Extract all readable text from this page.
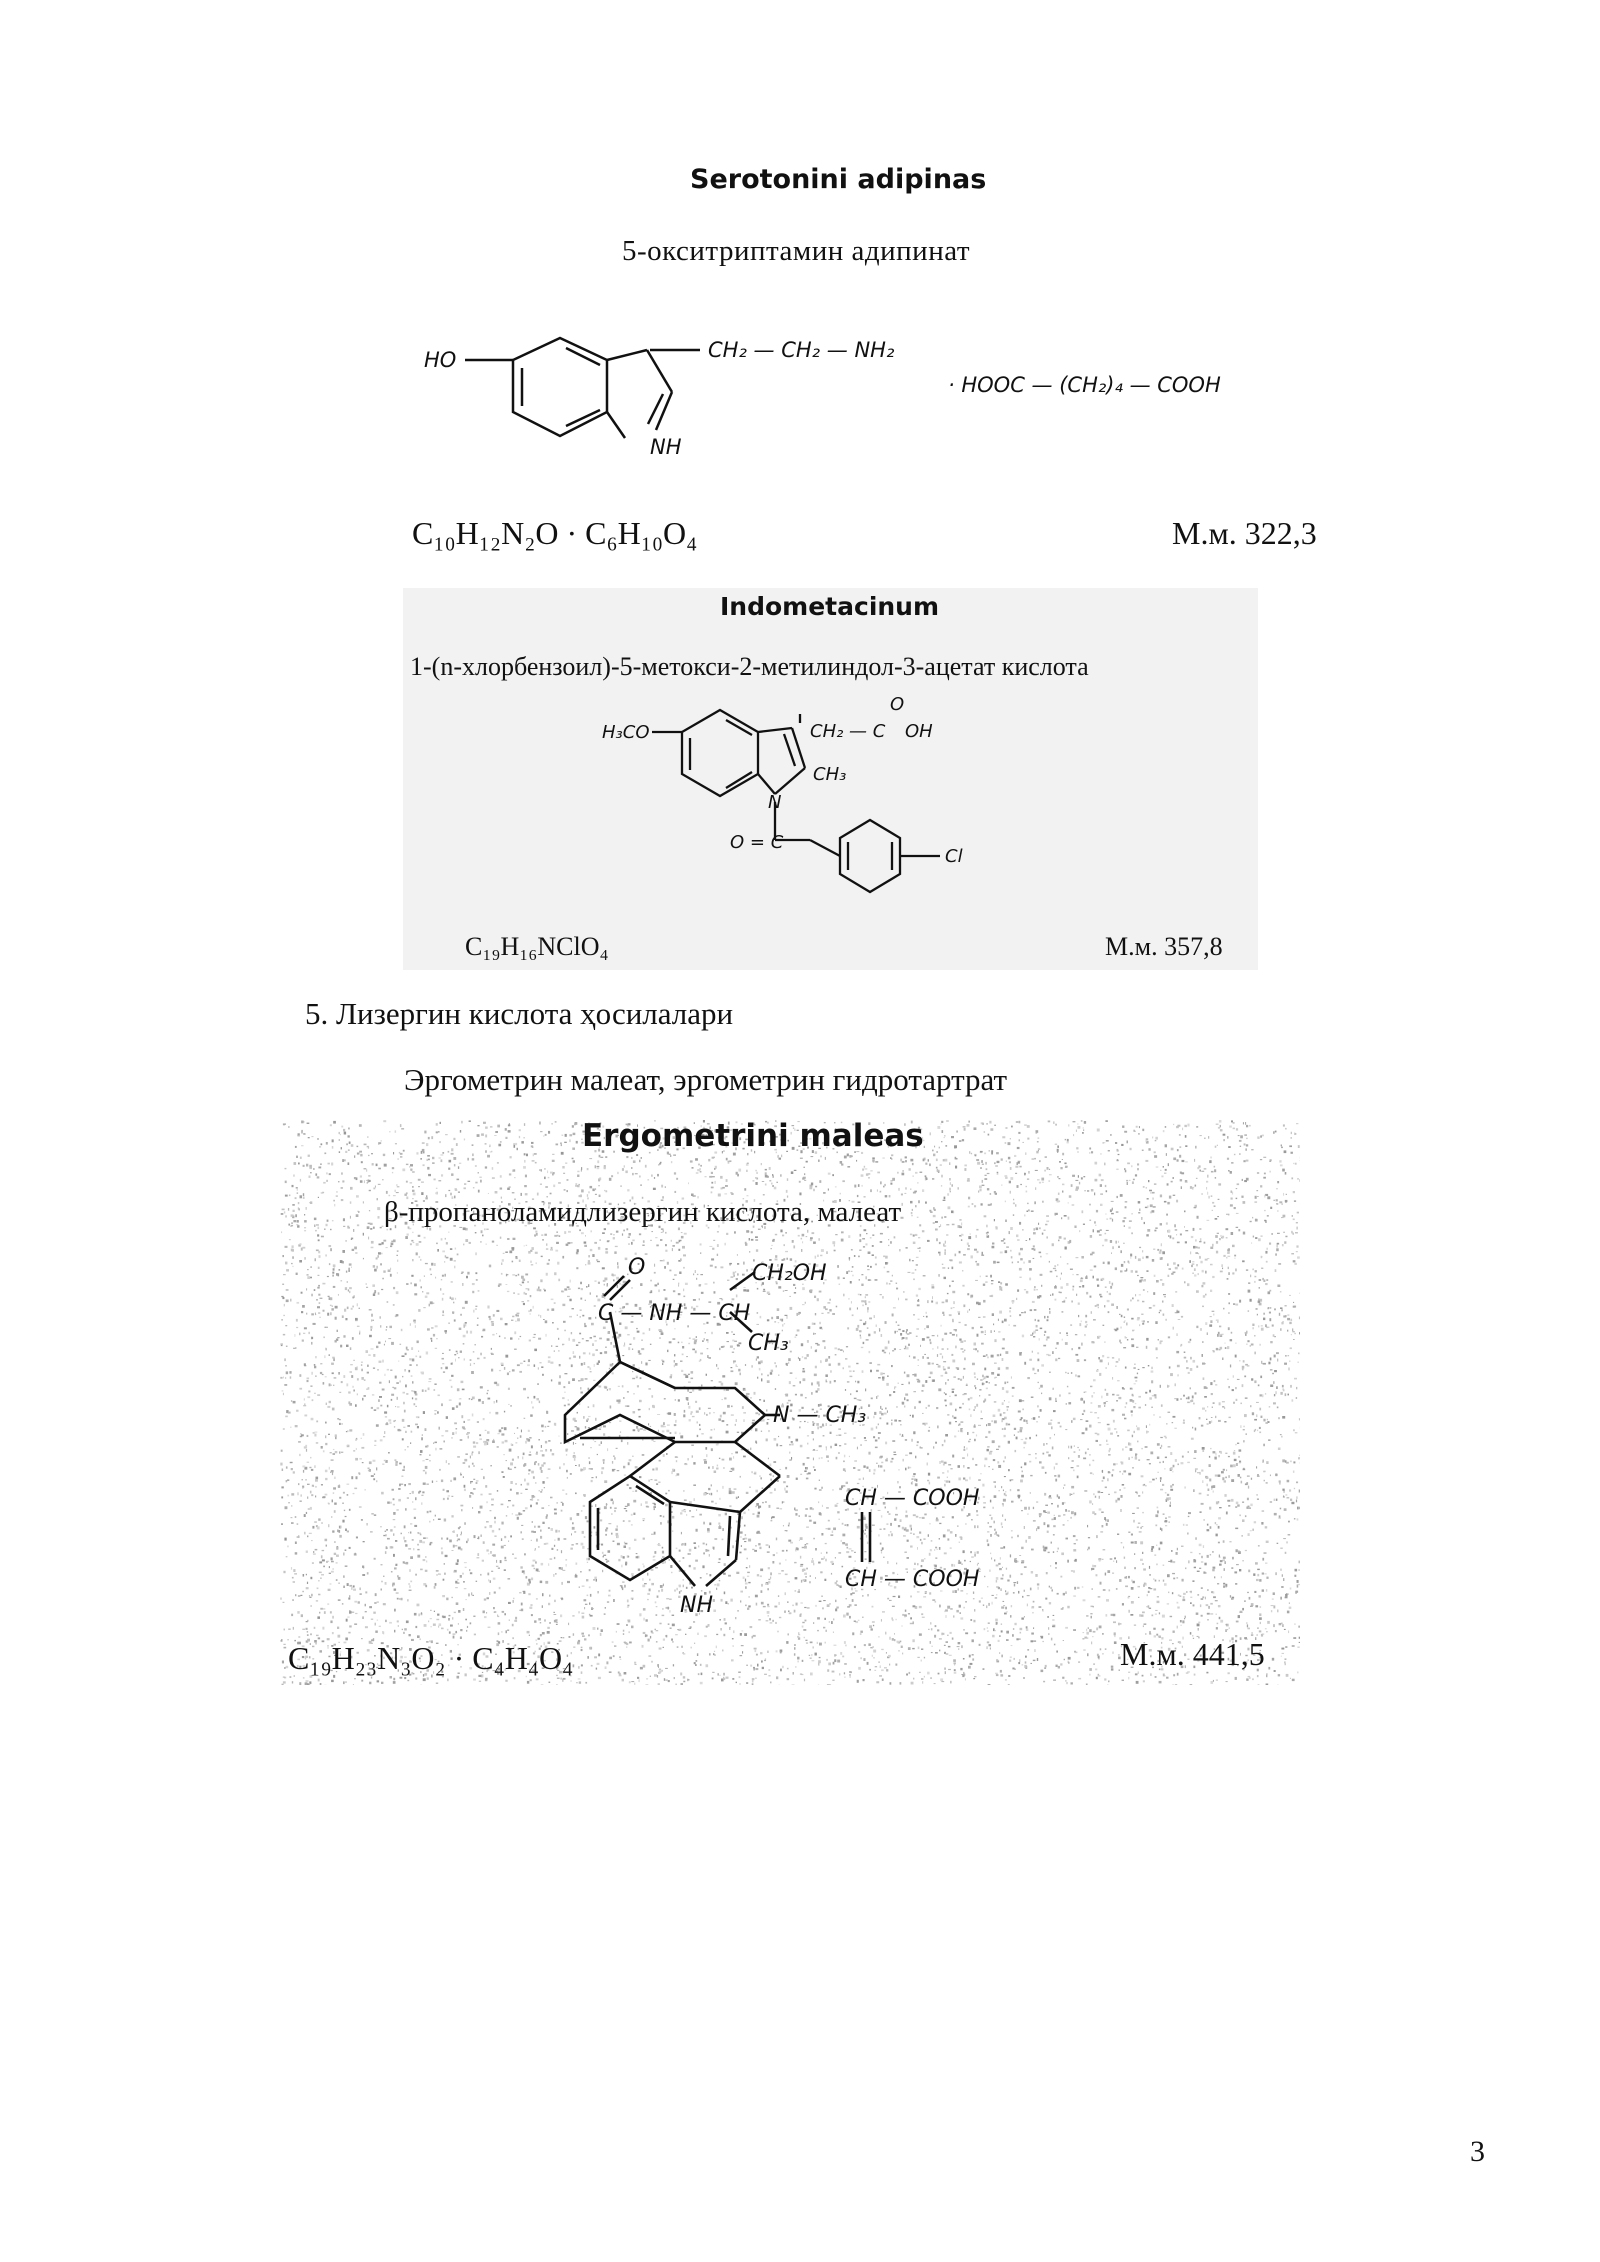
Serotonini adipinas
5-окситриптамин адипинат
HO
NH
CH₂ — CH₂ — NH₂
· HOOC — (CH₂)₄ — COOH
C₁₀H₁₂N₂O · C₆H₁₀O₄	М.м. 322,3
Indometacinum
1-(n-хлорбензоил)-5-метокси-2-метилиндол-3-ацетат кислота
H₃CO	CH₂ — C
O
OH
CH₃
N
O = C
Cl
C₁₉H₁₆NClO₄	М.м. 357,8
5. Лизергин кислота ҳосилалари
Эргометрин малеат, эргометрин гидротартрат
Ergometrini maleas
β-пропаноламидлизергин кислота, малеат
O	CH₂OH
C — NH — CH
CH₃
N — CH₃
NH
CH — COOH
CH — COOH
C₁₉H₂₃N₃O₂ · C₄H₄O₄	М.м. 441,5
3
